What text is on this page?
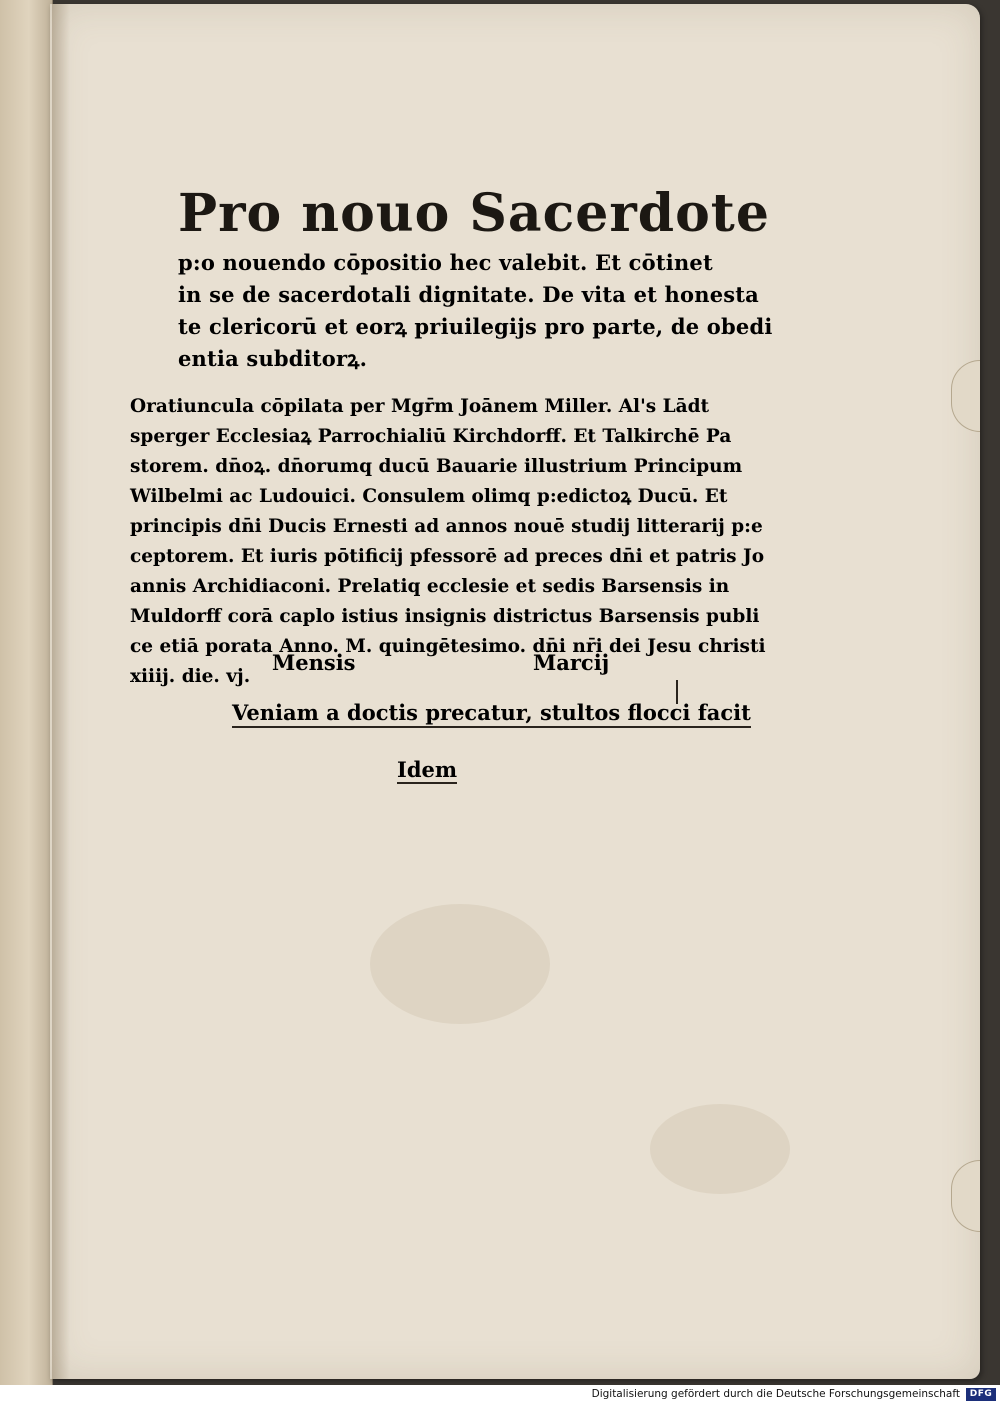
Pro nouo Sacerdote

p:o nouendo cōpositio hec valebit. Et cōtinet

in se de sacerdotali dignitate. De vita et honesta

te clericorū et eorꝝ priuilegijs pro parte, de obedi

entia subditorꝝ.

Oratiuncula cōpilata per Mgr̄m Joānem Miller. Al's Lādt

sperger Ecclesiaꝝ Parrochialiū Kirchdorff. Et Talkirchē Pa

storem. dn̄oꝝ. dn̄orumq ducū Bauarie illustrium Principum

Wilbelmi ac Ludouici. Consulem olimq p:edictoꝝ Ducū. Et

principis dn̄i Ducis Ernesti ad annos nouē studij litterarij p:e

ceptorem. Et iuris pōtificij pfessorē ad preces dn̄i et patris Jo

annis Archidiaconi. Prelatiq ecclesie et sedis Barsensis in

Muldorff corā caplo istius insignis districtus Barsensis publi

ce etiā porata Anno. M. quingētesimo. dn̄i nr̄i dei Jesu christi

xiiij. die. vj.

Mensis	Marcij

Veniam a doctis precatur, stultos flocci facit

Idem

Digitalisierung gefördert durch die Deutsche Forschungsgemeinschaft	DFG
